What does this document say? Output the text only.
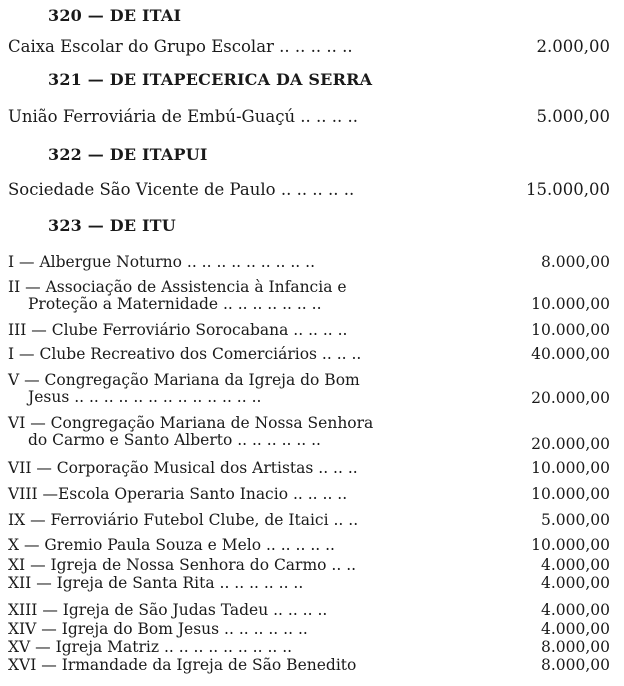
320 — DE ITAI
Caixa Escolar do Grupo Escolar .. .. .. .. ..	2.000,00
321 — DE ITAPECERICA DA SERRA
União Ferroviária de Embú-Guaçú .. .. .. ..	5.000,00
322 — DE ITAPUI
Sociedade São Vicente de Paulo .. .. .. .. ..	15.000,00
323 — DE ITU
I — Albergue Noturno .. .. .. .. .. .. .. .. ..	8.000,00
II — Associação de Assistencia à Infancia e
Proteção a Maternidade .. .. .. .. .. .. ..	10.000,00
III — Clube Ferroviário Sorocabana .. .. .. ..	10.000,00
I — Clube Recreativo dos Comerciários .. .. ..	40.000,00
V — Congregação Mariana da Igreja do Bom
Jesus .. .. .. .. .. .. .. .. .. .. .. .. ..	20.000,00
VI — Congregação Mariana de Nossa Senhora
do Carmo e Santo Alberto .. .. .. .. .. ..	20.000,00
VII — Corporação Musical dos Artistas .. .. ..	10.000,00
VIII —Escola Operaria Santo Inacio .. .. .. ..	10.000,00
IX — Ferroviário Futebol Clube, de Itaici .. ..	5.000,00
X — Gremio Paula Souza e Melo .. .. .. .. ..	10.000,00
XI — Igreja de Nossa Senhora do Carmo .. ..	4.000,00
XII — Igreja de Santa Rita .. .. .. .. .. ..	4.000,00
XIII — Igreja de São Judas Tadeu .. .. .. ..	4.000,00
XIV — Igreja do Bom Jesus .. .. .. .. .. ..	4.000,00
XV — Igreja Matriz .. .. .. .. .. .. .. .. ..	8.000,00
XVI — Irmandade da Igreja de São Benedito	8.000,00
